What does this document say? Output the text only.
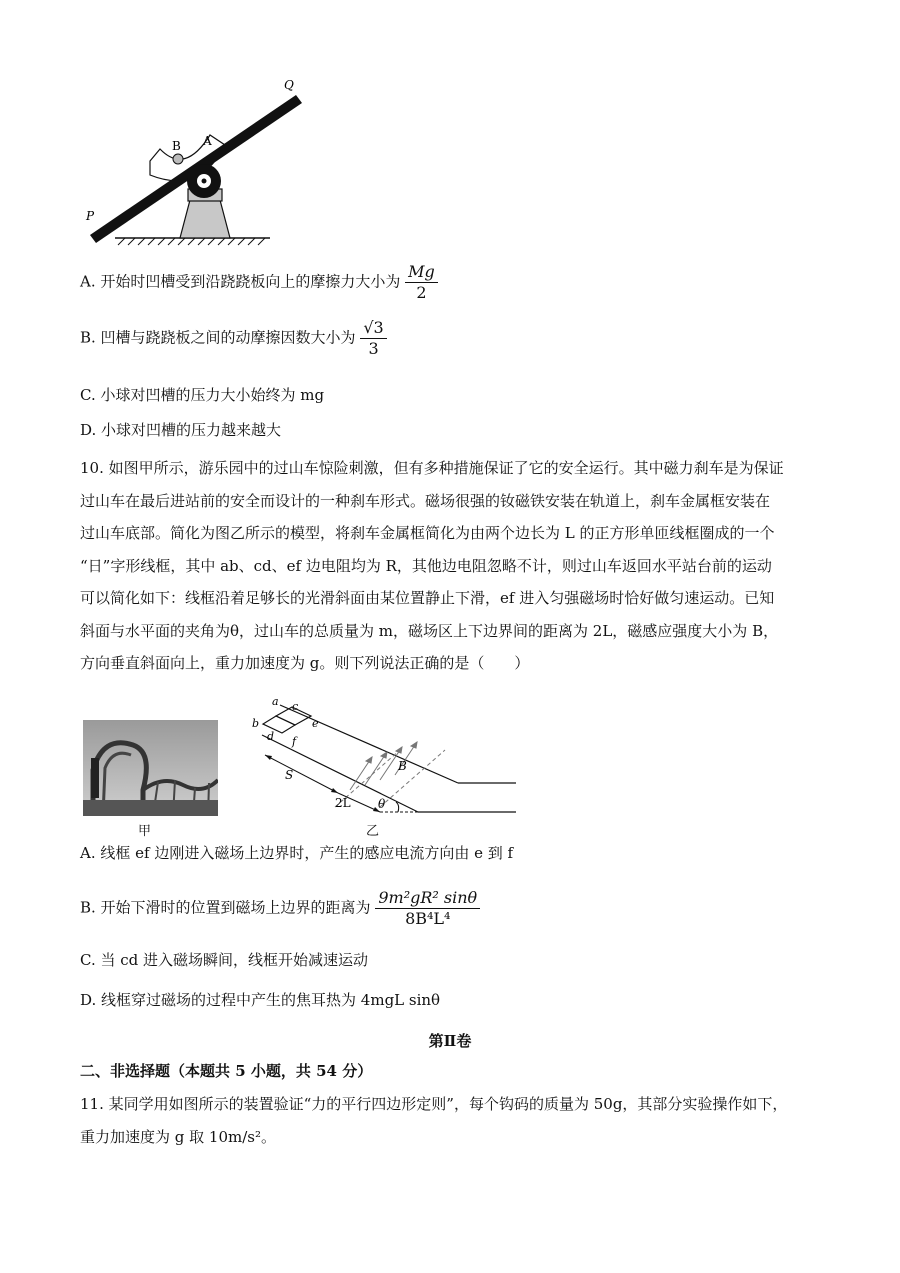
B A
Q
P
A. 开始时凹槽受到沿跷跷板向上的摩擦力大小为 $\frac{Mg}{2}$
B. 凹槽与跷跷板之间的动摩擦因数大小为 $\frac{√3}{3}$
C. 小球对凹槽的压力大小始终为 mg
D. 小球对凹槽的压力越来越大
10. 如图甲所示，游乐园中的过山车惊险刺激，但有多种措施保证了它的安全运行。其中磁力刹车是为保证
过山车在最后进站前的安全而设计的一种刹车形式。磁场很强的钕磁铁安装在轨道上，刹车金属框安装在
过山车底部。简化为图乙所示的模型，将刹车金属框简化为由两个边长为 L 的正方形单匝线框圈成的一个
“日”字形线框，其中 ab、cd、ef 边电阻均为 R，其他边电阻忽略不计，则过山车返回水平站台前的运动
可以简化如下：线框沿着足够长的光滑斜面由某位置静止下滑，ef 进入匀强磁场时恰好做匀速运动。已知
斜面与水平面的夹角为θ，过山车的总质量为 m，磁场区上下边界间的距离为 2L，磁感应强度大小为 B，
方向垂直斜面向上，重力加速度为 g。则下列说法正确的是（　　）
甲
a
b
c
d
e
f
S
2L
B
θ
乙
A. 线框 ef 边刚进入磁场上边界时，产生的感应电流方向由 e 到 f
B. 开始下滑时的位置到磁场上边界的距离为 $\frac{\text{9m²gR² sinθ}}{\text{8B⁴L⁴}}$
C. 当 cd 进入磁场瞬间，线框开始减速运动
D. 线框穿过磁场的过程中产生的焦耳热为 4mgL sinθ
第Ⅱ卷
二、非选择题（本题共 5 小题，共 54 分）
11. 某同学用如图所示的装置验证“力的平行四边形定则”，每个钩码的质量为 50g，其部分实验操作如下，
重力加速度为 g 取 10m/s²。
